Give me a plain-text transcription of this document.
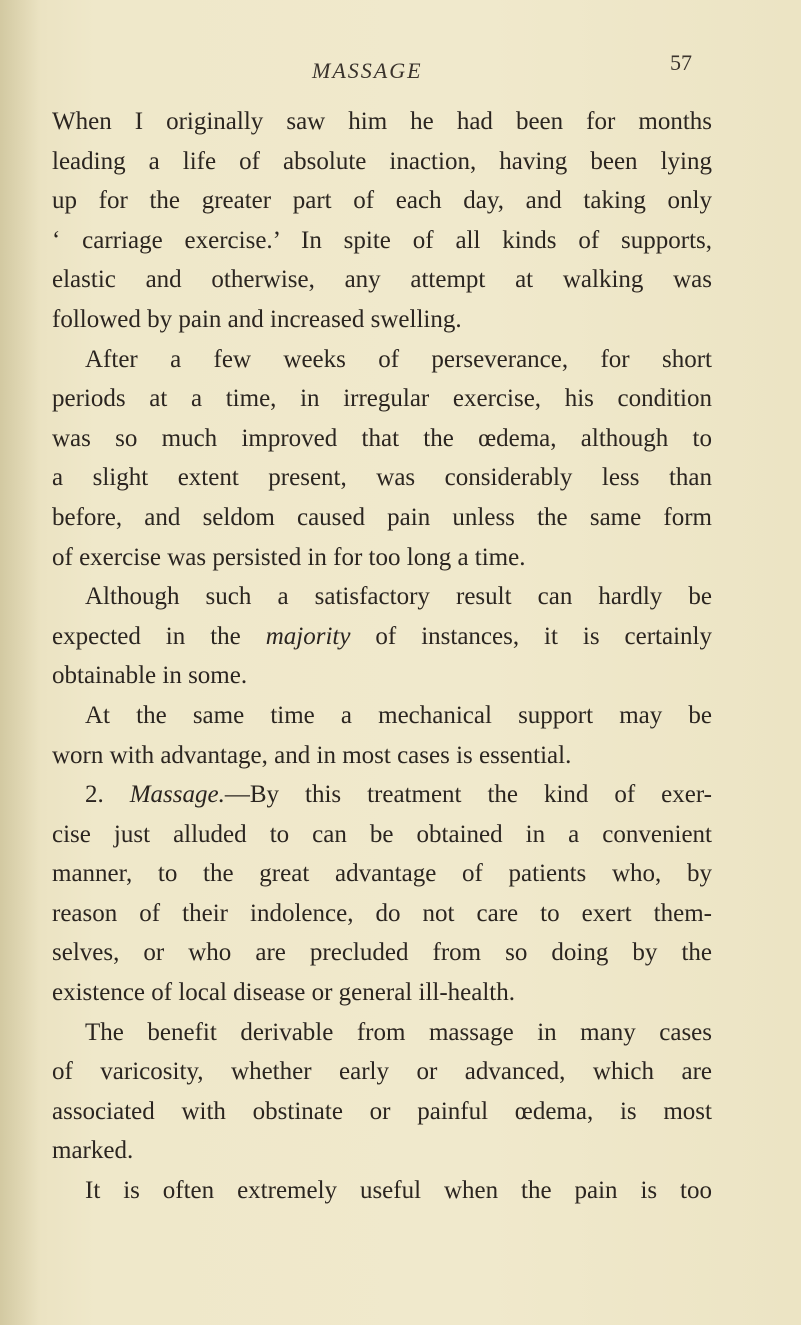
MASSAGE	57
When I originally saw him he had been for months
leading a life of absolute inaction, having been lying
up for the greater part of each day, and taking only
‘ carriage exercise.’ In spite of all kinds of supports,
elastic and otherwise, any attempt at walking was
followed by pain and increased swelling.
After a few weeks of perseverance, for short
periods at a time, in irregular exercise, his condition
was so much improved that the œdema, although to
a slight extent present, was considerably less than
before, and seldom caused pain unless the same form
of exercise was persisted in for too long a time.
Although such a satisfactory result can hardly be
expected in the majority of instances, it is certainly
obtainable in some.
At the same time a mechanical support may be
worn with advantage, and in most cases is essential.
2. Massage.—By this treatment the kind of exer-
cise just alluded to can be obtained in a convenient
manner, to the great advantage of patients who, by
reason of their indolence, do not care to exert them-
selves, or who are precluded from so doing by the
existence of local disease or general ill-health.
The benefit derivable from massage in many cases
of varicosity, whether early or advanced, which are
associated with obstinate or painful œdema, is most
marked.
It is often extremely useful when the pain is too
